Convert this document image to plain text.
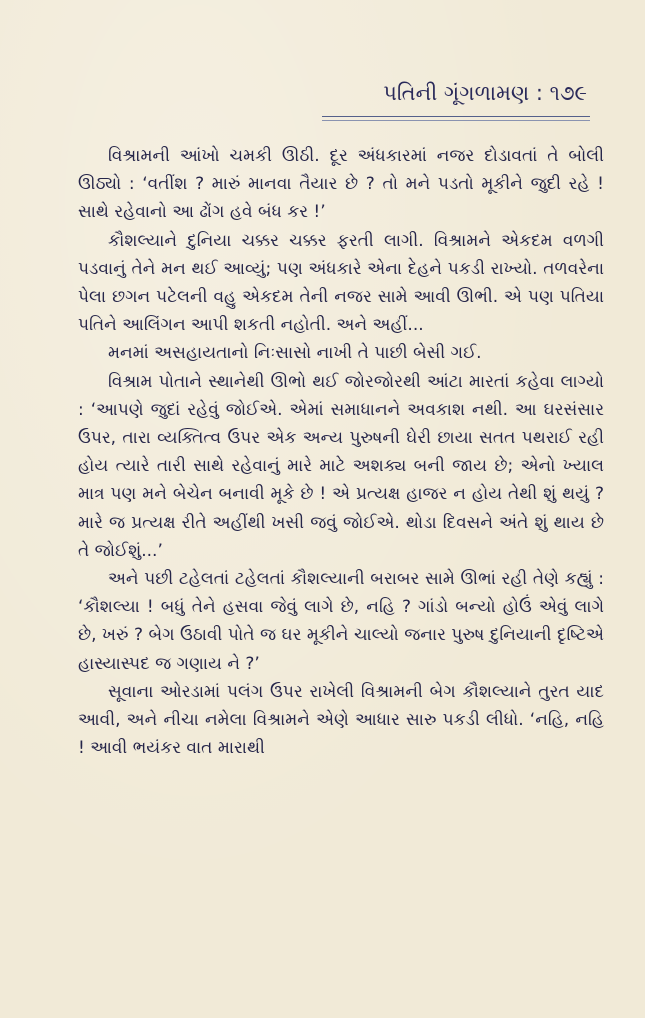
પતિની ગૂંગળામણ : ૧૭૯

વિશ્રામની આંખો ચમકી ઊઠી. દૂર અંધકારમાં નજર દોડાવતાં તે બોલી ઊઠ્યો : ‘વતીંશ ? મારું માનવા તૈયાર છે ? તો મને પડતો મૂકીને જુદી રહે ! સાથે રહેવાનો આ ઢોંગ હવે બંધ કર !’

કૌશલ્યાને દુનિયા ચક્કર ચક્કર ફરતી લાગી. વિશ્રામને એકદમ વળગી પડવાનું તેને મન થઈ આવ્યું; પણ અંધકારે એના દેહને પકડી રાખ્યો. તળવરેના પેલા છગન પટેલની વહુ એકદમ તેની નજર સામે આવી ઊભી. એ પણ પતિયા પતિને આલિંગન આપી શકતી નહોતી. અને અહીં...

મનમાં અસહાયતાનો નિઃસાસો નાખી તે પાછી બેસી ગઈ.

વિશ્રામ પોતાને સ્થાનેથી ઊભો થઈ જોરજોરથી આંટા મારતાં કહેવા લાગ્યો : ‘આપણે જુદાં રહેવું જોઈએ. એમાં સમાધાનને અવકાશ નથી. આ ઘરસંસાર ઉપર, તારા વ્યક્તિત્વ ઉપર એક અન્ય પુરુષની ઘેરી છાયા સતત પથરાઈ રહી હોય ત્યારે તારી સાથે રહેવાનું મારે માટે અશક્ય બની જાય છે; એનો ખ્યાલ માત્ર પણ મને બેચેન બનાવી મૂકે છે ! એ પ્રત્યક્ષ હાજર ન હોય તેથી શું થયું ? મારે જ પ્રત્યક્ષ રીતે અહીંથી ખસી જવું જોઈએ. થોડા દિવસને અંતે શું થાય છે તે જોઈશું...’

અને પછી ટહેલતાં ટહેલતાં કૌશલ્યાની બરાબર સામે ઊભાં રહી તેણે કહ્યું : ‘કૌશલ્યા ! બધું તેને હસવા જેવું લાગે છે, નહિ ? ગાંડો બન્યો હોઉં એવું લાગે છે, ખરું ? બેગ ઉઠાવી પોતે જ ઘર મૂકીને ચાલ્યો જનાર પુરુષ દુનિયાની દૃષ્ટિએ હાસ્યાસ્પદ જ ગણાય ને ?’

સૂવાના ઓરડામાં પલંગ ઉપર રાખેલી વિશ્રામની બેગ કૌશલ્યાને તુરત યાદ આવી, અને નીચા નમેલા વિશ્રામને એણે આધાર સારુ પકડી લીધો. ‘નહિ, નહિ ! આવી ભયંકર વાત મારાથી
